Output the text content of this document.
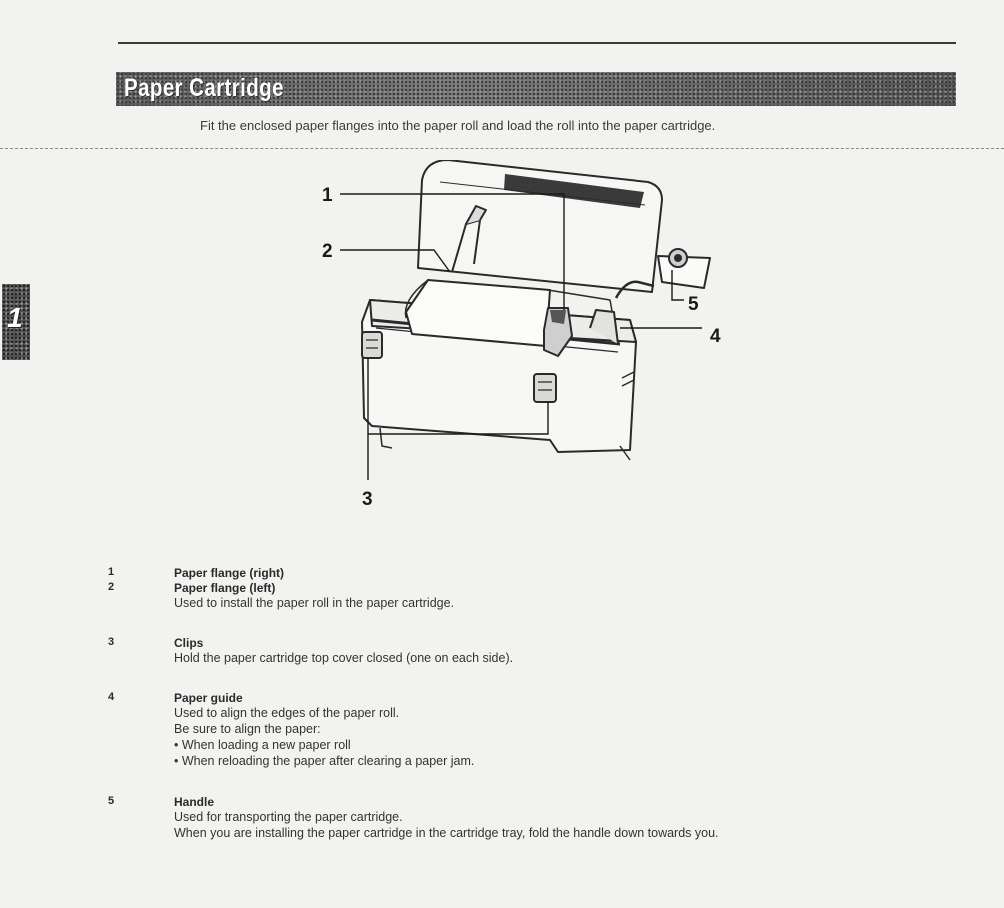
Paper Cartridge

Fit the enclosed paper flanges into the paper roll and load the roll into the paper cartridge.

1
1
2
3
4
5
1	Paper flange (right)
2	Paper flange (left)
Used to install the paper roll in the paper cartridge.
3	Clips
Hold the paper cartridge top cover closed (one on each side).
4	Paper guide
Used to align the edges of the paper roll.
Be sure to align the paper:
• When loading a new paper roll
• When reloading the paper after clearing a paper jam.
5	Handle
Used for transporting the paper cartridge.
When you are installing the paper cartridge in the cartridge tray, fold the handle down towards you.
